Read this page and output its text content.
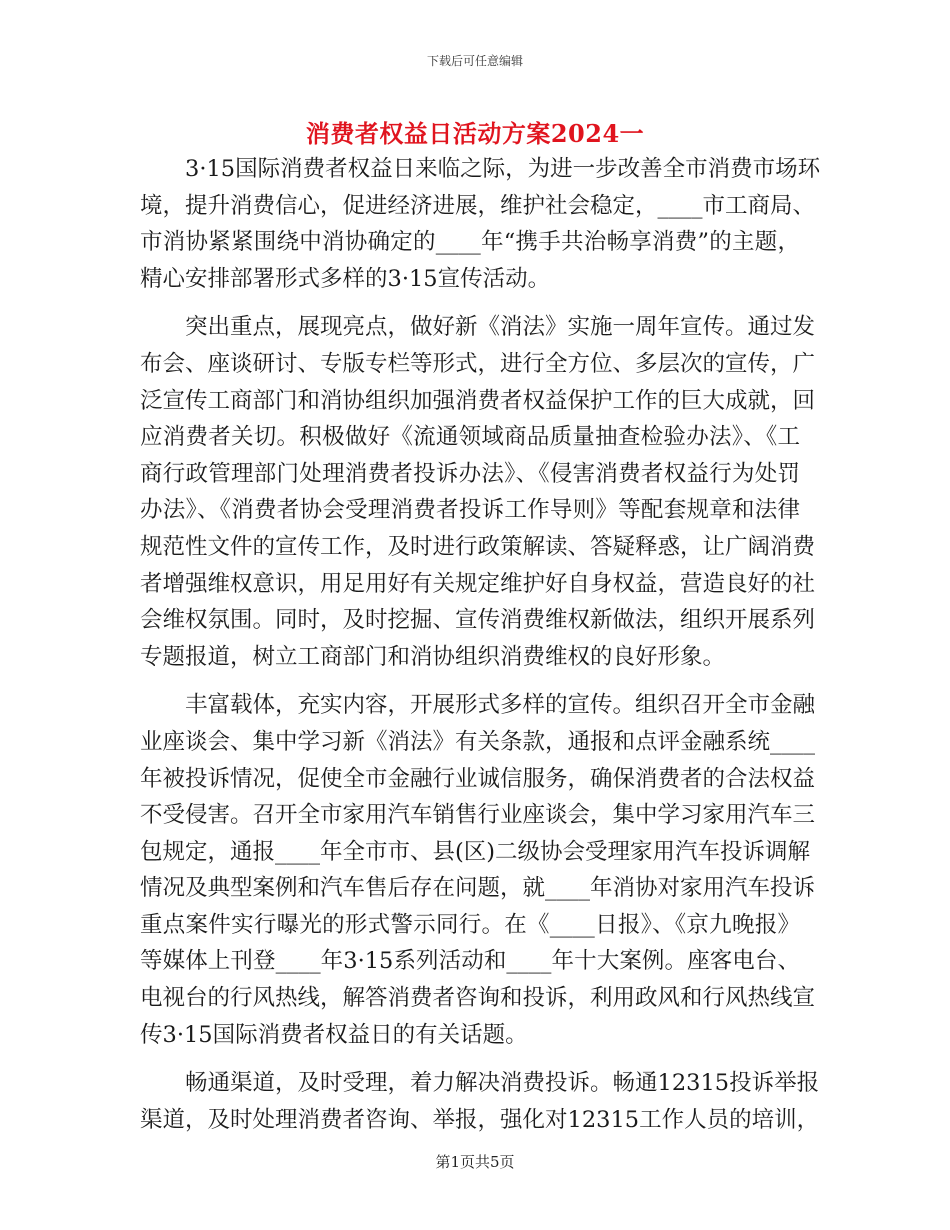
下载后可任意编辑
消费者权益日活动方案2024一
3·15国际消费者权益日来临之际，为进一步改善全市消费市场环
境，提升消费信心，促进经济进展，维护社会稳定，____市工商局、
市消协紧紧围绕中消协确定的____年“携手共治畅享消费”的主题，
精心安排部署形式多样的3·15宣传活动。
突出重点，展现亮点，做好新《消法》实施一周年宣传。通过发
布会、座谈研讨、专版专栏等形式，进行全方位、多层次的宣传，广
泛宣传工商部门和消协组织加强消费者权益保护工作的巨大成就，回
应消费者关切。积极做好《流通领域商品质量抽查检验办法》、《工
商行政管理部门处理消费者投诉办法》、《侵害消费者权益行为处罚
办法》、《消费者协会受理消费者投诉工作导则》等配套规章和法律
规范性文件的宣传工作，及时进行政策解读、答疑释惑，让广阔消费
者增强维权意识，用足用好有关规定维护好自身权益，营造良好的社
会维权氛围。同时，及时挖掘、宣传消费维权新做法，组织开展系列
专题报道，树立工商部门和消协组织消费维权的良好形象。
丰富载体，充实内容，开展形式多样的宣传。组织召开全市金融
业座谈会、集中学习新《消法》有关条款，通报和点评金融系统____
年被投诉情况，促使全市金融行业诚信服务，确保消费者的合法权益
不受侵害。召开全市家用汽车销售行业座谈会，集中学习家用汽车三
包规定，通报____年全市市、县(区)二级协会受理家用汽车投诉调解
情况及典型案例和汽车售后存在问题，就____年消协对家用汽车投诉
重点案件实行曝光的形式警示同行。在《____日报》、《京九晚报》
等媒体上刊登____年3·15系列活动和____年十大案例。座客电台、
电视台的行风热线，解答消费者咨询和投诉，利用政风和行风热线宣
传3·15国际消费者权益日的有关话题。
畅通渠道，及时受理，着力解决消费投诉。畅通12315投诉举报
渠道，及时处理消费者咨询、举报，强化对12315工作人员的培训，
第1页共5页
